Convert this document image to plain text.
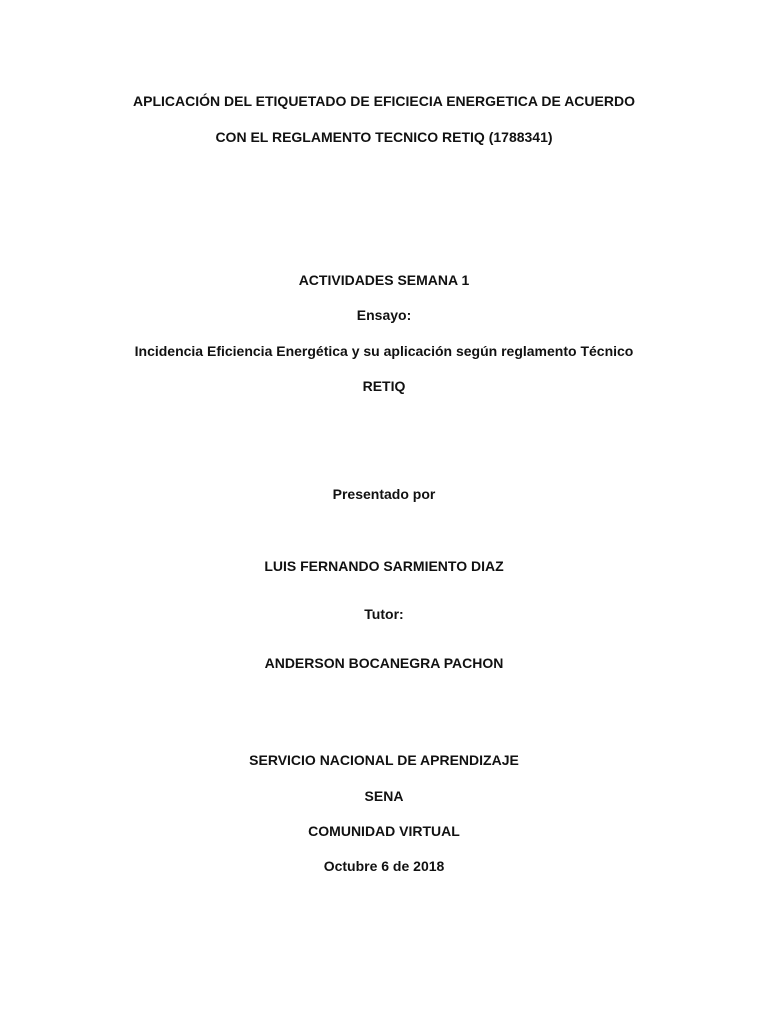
APLICACIÓN DEL ETIQUETADO DE EFICIECIA ENERGETICA DE ACUERDO
CON EL REGLAMENTO TECNICO RETIQ (1788341)
ACTIVIDADES SEMANA 1
Ensayo:
Incidencia Eficiencia Energética y su aplicación según reglamento Técnico
RETIQ
Presentado por
LUIS FERNANDO SARMIENTO DIAZ
Tutor:
ANDERSON BOCANEGRA PACHON
SERVICIO NACIONAL DE APRENDIZAJE
SENA
COMUNIDAD VIRTUAL
Octubre 6 de 2018
